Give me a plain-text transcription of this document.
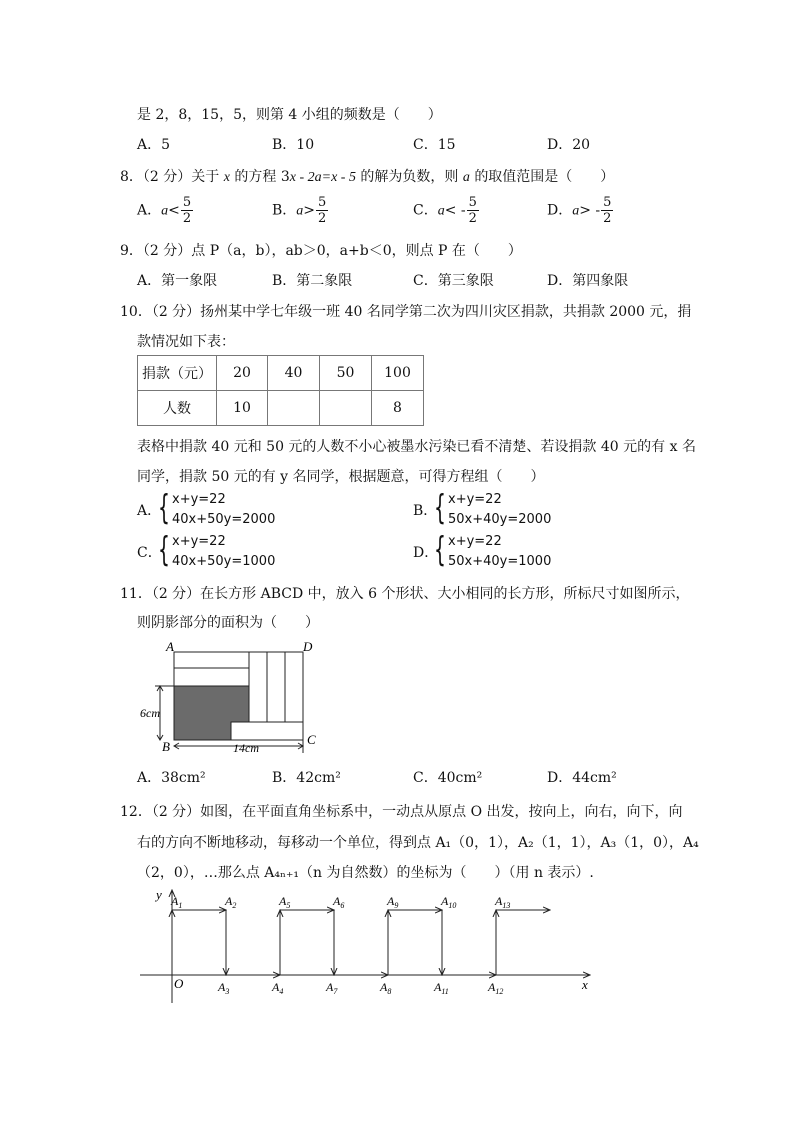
是 2，8，15，5，则第 4 小组的频数是（　　）
A．5	B．10	C．15	D．20
8．（2 分）关于 x 的方程 3x - 2a=x - 5 的解为负数，则 a 的取值范围是（　　）
A．$a< \frac{5}{2}$	B．$a> \frac{5}{2}$	C．$a< - \frac{5}{2}$	D．$a> - \frac{5}{2}$
9．（2 分）点 P（a，b），ab＞0，a+b＜0，则点 P 在（　　）
A．第一象限	B．第二象限	C．第三象限	D．第四象限
10．（2 分）扬州某中学七年级一班 40 名同学第二次为四川灾区捐款，共捐款 2000 元，捐
款情况如下表：
捐款（元）	20	40	50	100
人数	10			8
表格中捐款 40 元和 50 元的人数不小心被墨水污染已看不清楚、若设捐款 40 元的有 x 名
同学，捐款 50 元的有 y 名同学，根据题意，可得方程组（　　）
A．
{ x+y=22
40x+50y=2000
B．
{ x+y=22
50x+40y=2000
C．
{ x+y=22
40x+50y=1000
D．
{ x+y=22
50x+40y=1000
11．（2 分）在长方形 ABCD 中，放入 6 个形状、大小相同的长方形，所标尺寸如图所示，
则阴影部分的面积为（　　）
A	D
B	C
6cm
14cm
A．38cm²	B．42cm²	C．40cm²	D．44cm²
12．（2 分）如图，在平面直角坐标系中，一动点从原点 O 出发，按向上，向右，向下，向
右的方向不断地移动，每移动一个单位，得到点 A₁（0，1），A₂（1，1），A₃（1，0），A₄
（2，0），…那么点 A₄ₙ₊₁（n 为自然数）的坐标为（　　）（用 n 表示）.
y
x
O
$A_1$	$A_2$
$A_3$	$A_4$
$A_5$	$A_6$
$A_7$	$A_8$
$A_9$	$A_{10}$
$A_{11}$	$A_{12}$
$A_{13}$
